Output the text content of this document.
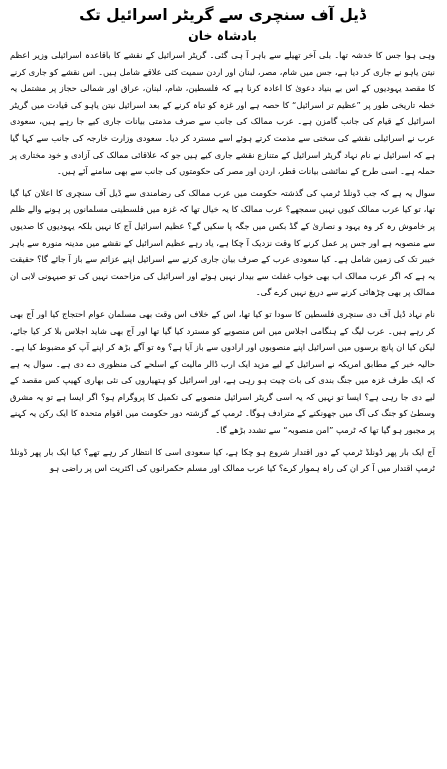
ڈیل آف سنچری سے گریٹر اسرائیل تک
بادشاہ خان

وہی ہوا جس کا خدشہ تھا۔ بلی آخر تھیلے سے باہر آ ہی گئی۔ گریٹر اسرائیل کے نقشے کا باقاعدہ اسرائیلی وزیر اعظم نیتن یاہو نے جاری کر دیا ہے، جس میں شام، مصر، لبنان اور اردن سمیت کئی علاقے شامل ہیں۔ اس نقشے کو جاری کرنے کا مقصد یہودیوں کے اس بے بنیاد دعویٰ کا اعادہ کرنا ہے کہ فلسطین، شام، لبنان، عراق اور شمالی حجاز پر مشتمل یہ خطہ تاریخی طور پر ”عظیم تر اسرائیل“ کا حصہ ہے اور غزہ کو تباہ کرنے کے بعد اسرائیل نیتن یاہو کی قیادت میں گریٹر اسرائیل کے قیام کی جانب گامزن ہے۔ عرب ممالک کی جانب سے صرف مذمتی بیانات جاری کیے جا رہے ہیں، سعودی عرب نے اسرائیلی نقشے کی سختی سے مذمت کرتے ہوئے اسے مسترد کر دیا۔ سعودی وزارت خارجہ کی جانب سے کہا گیا ہے کہ اسرائیل نے نام نہاد گریٹر اسرائیل کے متنازع نقشے جاری کیے ہیں جو کہ علاقائی ممالک کی آزادی و خود مختاری پر حملہ ہے۔ اسی طرح کے نمائشی بیانات قطر، اردن اور مصر کی حکومتوں کی جانب سے بھی سامنے آئے ہیں۔

سوال یہ ہے کہ جب ڈونلڈ ٹرمپ کی گذشتہ حکومت میں عرب ممالک کی رضامندی سے ڈیل آف سنچری کا اعلان کیا گیا تھا، تو کیا عرب ممالک کیوں نہیں سمجھے؟ عرب ممالک کا یہ خیال تھا کہ غزہ میں فلسطینی مسلمانوں پر ہونے والے ظلم پر خاموش رہ کر وہ یہود و نصاریٰ کے گڈ بکس میں جگہ پا سکیں گے؟ عظیم اسرائیل آج کا نہیں بلکہ یہودیوں کا صدیوں سے منصوبہ ہے اور جس پر عمل کرنے کا وقت نزدیک آ چکا ہے، یاد رہے عظیم اسرائیل کے نقشے میں مدینہ منورہ سے باہر خیبر تک کی زمین شامل ہے۔ کیا سعودی عرب کے صرف بیان جاری کرنے سے اسرائیل اپنے عزائم سے باز آ جائے گا؟ حقیقت یہ ہے کہ اگر عرب ممالک اب بھی خواب غفلت سے بیدار نہیں ہوئے اور اسرائیل کی مزاحمت نہیں کی تو صیہونی لابی ان ممالک پر بھی چڑھائی کرنے سے دریغ نہیں کرے گی۔

نام نہاد ڈیل آف دی سنچری فلسطین کا سودا تو کیا تھا، اس کے خلاف اس وقت بھی مسلمان عوام احتجاج کیا اور آج بھی کر رہے ہیں۔ عرب لیگ کے ہنگامی اجلاس میں اس منصوبے کو مسترد کیا گیا تھا اور آج بھی شاید اجلاس بلا کر کیا جائے، لیکن کیا ان پانچ برسوں میں اسرائیل اپنے منصوبوں اور ارادوں سے باز آیا ہے؟ وہ تو آگے بڑھ کر اپنے آپ کو مضبوط کیا ہے۔ حالیہ خبر کے مطابق امریکہ نے اسرائیل کے لیے مزید ایک ارب ڈالر مالیت کے اسلحے کی منظوری دے دی ہے۔ سوال یہ ہے کہ ایک طرف غزہ میں جنگ بندی کی بات چیت ہو رہی ہے، اور اسرائیل کو ہتھیاروں کی نئی بھاری کھیپ کس مقصد کے لیے دی جا رہی ہے؟ ایسا تو نہیں کہ یہ اسی گریٹر اسرائیل منصوبے کی تکمیل کا پروگرام ہو؟ اگر ایسا ہے تو یہ مشرق وسطیٰ کو جنگ کی آگ میں جھونکنے کے مترادف ہوگا۔ ٹرمپ کے گزشتہ دور حکومت میں اقوام متحدہ کا ایک رکن یہ کہنے پر مجبور ہو گیا تھا کہ ٹرمپ ”امن منصوبہ“ سے تشدد بڑھے گا۔

آج ایک بار پھر ڈونلڈ ٹرمپ کے دور اقتدار شروع ہو چکا ہے، کیا سعودی اسی کا انتظار کر رہے تھے؟ کیا ایک بار پھر ڈونلڈ ٹرمپ اقتدار میں آ کر ان کی راہ ہموار کرے؟ کیا عرب ممالک اور مسلم حکمرانوں کی اکثریت اس پر راضی ہو
